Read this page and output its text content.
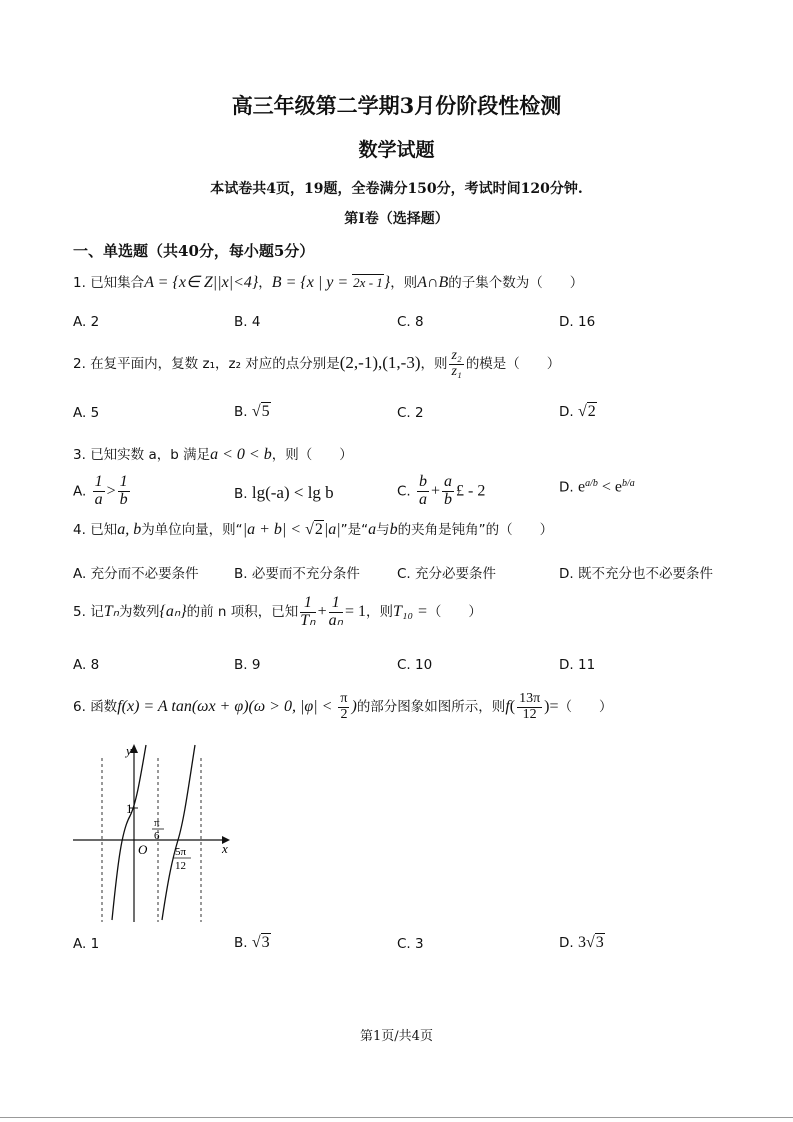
高三年级第二学期3月份阶段性检测
数学试题
本试卷共4页，19题，全卷满分150分，考试时间120分钟.
第I卷（选择题）
一、单选题（共40分，每小题5分）
1. 已知集合A = {x∈ Z||x|<4}，B = {x | y = 2x - 1}，则A∩B的子集个数为（　　）
A. 2	B. 4	C. 8	D. 16
2. 在复平面内，复数 z₁，z₂ 对应的点分别是(2,-1),(1,-3)，则 $\frac{\text{z₂}}{\text{z₁}}$ 的模是（　　）
A. 5	B. √5	C. 2	D. √2
3. 已知实数 a，b 满足a < 0 < b，则（　　）
A. $\frac{1}{a} > \frac{1}{b}$	B. lg(-a) < lg b	C. $\frac{b}{a} + \frac{a}{b}$ £ - 2	D. $e^{a/b} < e^{b/a}$
4. 已知a, b为单位向量，则“|a + b| < √2|a|”是“a与b的夹角是钝角”的（　　）
A. 充分而不必要条件	B. 必要而不充分条件	C. 充分必要条件	D. 既不充分也不必要条件
5. 记Tₙ为数列{aₙ}的前 n 项积，已知 $\frac{1}{\text{Tₙ}} + \frac{1}{\text{aₙ}} = 1$，则T₁₀ =（　　）
A. 8	B. 9	C. 10	D. 11
6. 函数f(x) = A tan(ωx + φ)(ω > 0, $|\varphi| < \frac{\pi}{2}$ )的部分图象如图所示，则$f( \frac{13\pi}{12}$ )=（　　）
y
x
O
1
π
6
5π
12
A. 1	B. √3	C. 3	D. 3√3
第1页/共4页
